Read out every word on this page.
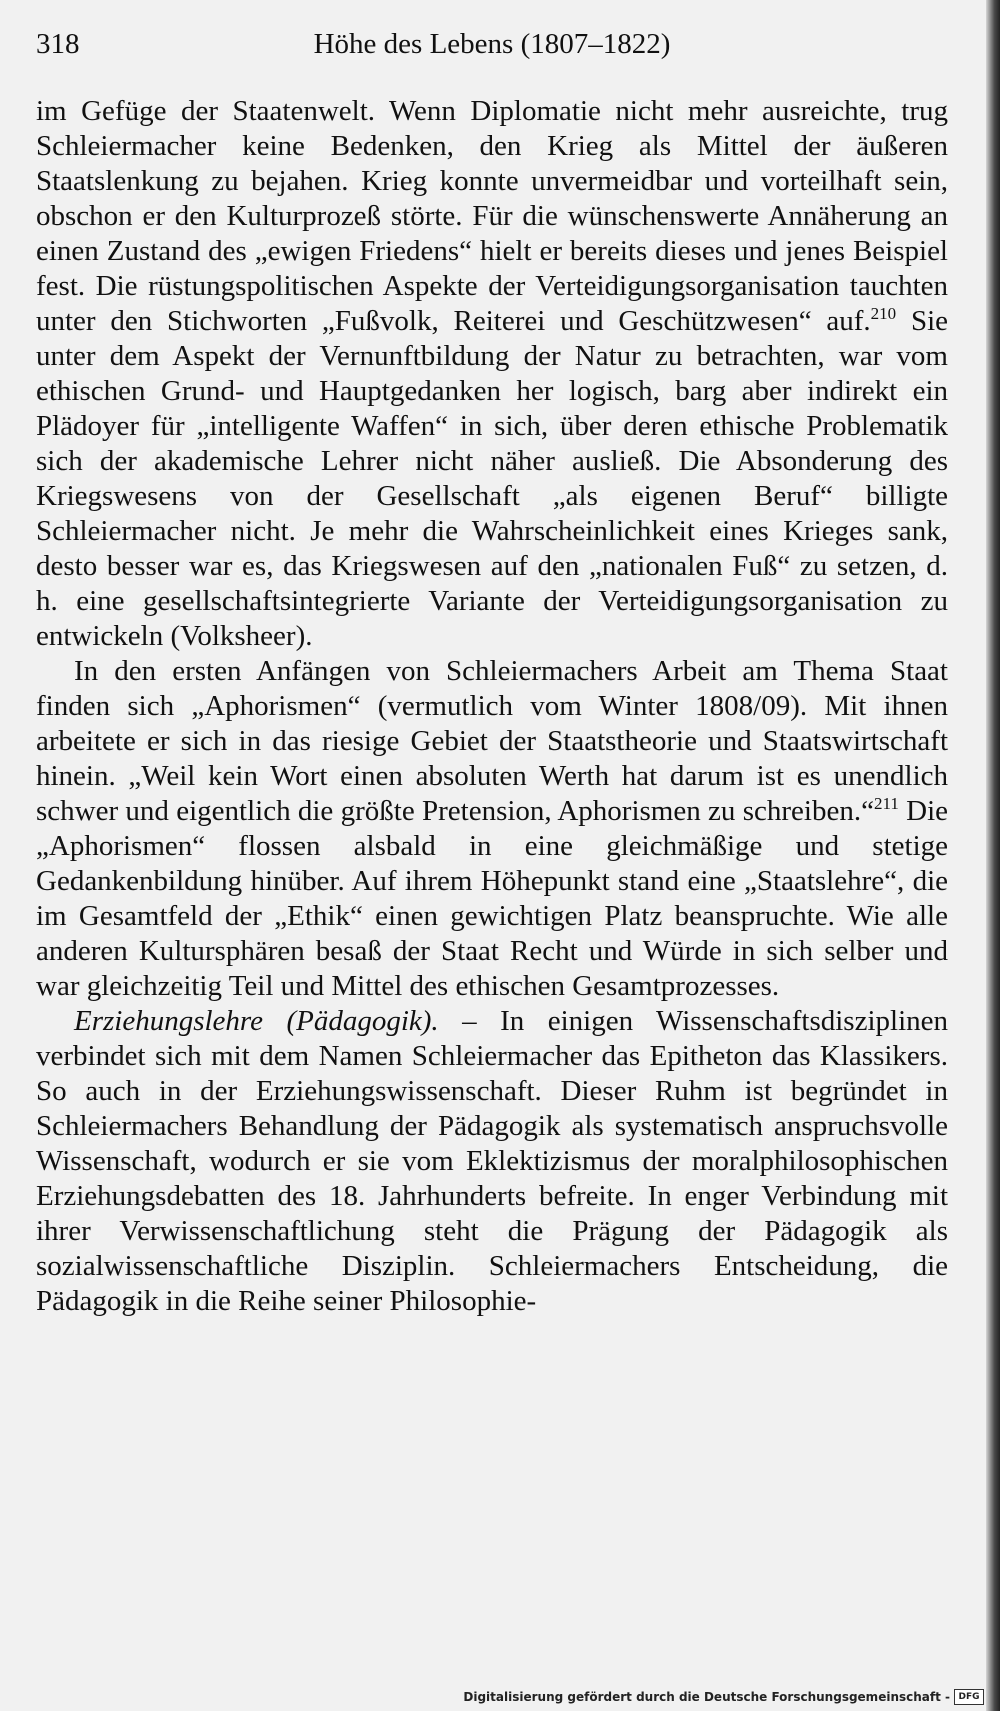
318	Höhe des Lebens (1807–1822)

im Gefüge der Staatenwelt. Wenn Diplomatie nicht mehr ausreichte, trug Schleiermacher keine Bedenken, den Krieg als Mittel der äußeren Staatslenkung zu bejahen. Krieg konnte unvermeidbar und vorteilhaft sein, obschon er den Kulturprozeß störte. Für die wünschenswerte Annäherung an einen Zustand des „ewigen Friedens“ hielt er bereits dieses und jenes Beispiel fest. Die rüstungspolitischen Aspekte der Verteidigungsorganisation tauchten unter den Stichworten „Fußvolk, Reiterei und Geschützwesen“ auf.$^{210}$ Sie unter dem Aspekt der Vernunftbildung der Natur zu betrachten, war vom ethischen Grund- und Hauptgedanken her logisch, barg aber indirekt ein Plädoyer für „intelligente Waffen“ in sich, über deren ethische Problematik sich der akademische Lehrer nicht näher ausließ. Die Absonderung des Kriegswesens von der Gesellschaft „als eigenen Beruf“ billigte Schleiermacher nicht. Je mehr die Wahrscheinlichkeit eines Krieges sank, desto besser war es, das Kriegswesen auf den „nationalen Fuß“ zu setzen, d. h. eine gesellschaftsintegrierte Variante der Verteidigungsorganisation zu entwickeln (Volksheer).

In den ersten Anfängen von Schleiermachers Arbeit am Thema Staat finden sich „Aphorismen“ (vermutlich vom Winter 1808/09). Mit ihnen arbeitete er sich in das riesige Gebiet der Staatstheorie und Staatswirtschaft hinein. „Weil kein Wort einen absoluten Werth hat darum ist es unendlich schwer und eigentlich die größte Pretension, Aphorismen zu schreiben.“$^{211}$ Die „Aphorismen“ flossen alsbald in eine gleichmäßige und stetige Gedankenbildung hinüber. Auf ihrem Höhepunkt stand eine „Staatslehre“, die im Gesamtfeld der „Ethik“ einen gewichtigen Platz beanspruchte. Wie alle anderen Kultursphären besaß der Staat Recht und Würde in sich selber und war gleichzeitig Teil und Mittel des ethischen Gesamtprozesses.

Erziehungslehre (Pädagogik). – In einigen Wissenschaftsdisziplinen verbindet sich mit dem Namen Schleiermacher das Epitheton das Klassikers. So auch in der Erziehungswissenschaft. Dieser Ruhm ist begründet in Schleiermachers Behandlung der Pädagogik als systematisch anspruchsvolle Wissenschaft, wodurch er sie vom Eklektizismus der moralphilosophischen Erziehungsdebatten des 18. Jahrhunderts befreite. In enger Verbindung mit ihrer Verwissenschaftlichung steht die Prägung der Pädagogik als sozialwissenschaftliche Disziplin. Schleiermachers Entscheidung, die Pädagogik in die Reihe seiner Philosophie-

Digitalisierung gefördert durch die Deutsche Forschungsgemeinschaft - DFG
